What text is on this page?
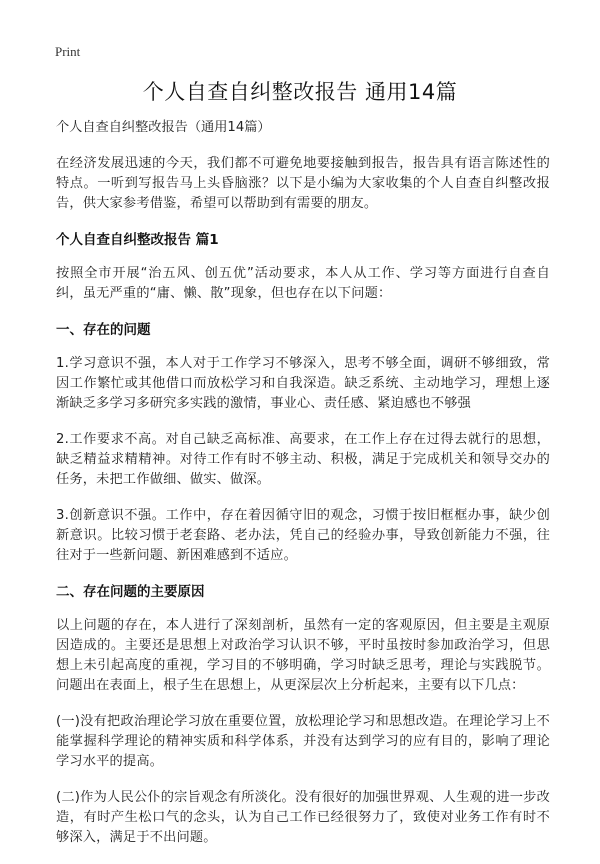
Print
个人自查自纠整改报告 通用14篇

个人自查自纠整改报告（通用14篇）

在经济发展迅速的今天，我们都不可避免地要接触到报告，报告具有语言陈述性的特点。一听到写报告马上头昏脑涨？以下是小编为大家收集的个人自查自纠整改报告，供大家参考借鉴，希望可以帮助到有需要的朋友。

个人自查自纠整改报告 篇1

按照全市开展“治五风、创五优”活动要求，本人从工作、学习等方面进行自查自纠，虽无严重的“庸、懒、散”现象，但也存在以下问题：

一、存在的问题

1.学习意识不强，本人对于工作学习不够深入，思考不够全面，调研不够细致，常因工作繁忙或其他借口而放松学习和自我深造。缺乏系统、主动地学习，理想上逐渐缺乏多学习多研究多实践的激情，事业心、责任感、紧迫感也不够强

2.工作要求不高。对自己缺乏高标准、高要求，在工作上存在过得去就行的思想，缺乏精益求精精神。对待工作有时不够主动、积极，满足于完成机关和领导交办的任务，未把工作做细、做实、做深。

3.创新意识不强。工作中，存在着因循守旧的观念，习惯于按旧框框办事，缺少创新意识。比较习惯于老套路、老办法，凭自己的经验办事，导致创新能力不强，往往对于一些新问题、新困难感到不适应。

二、存在问题的主要原因

以上问题的存在，本人进行了深刻剖析，虽然有一定的客观原因，但主要是主观原因造成的。主要还是思想上对政治学习认识不够，平时虽按时参加政治学习，但思想上未引起高度的重视，学习目的不够明确，学习时缺乏思考，理论与实践脱节。问题出在表面上，根子生在思想上，从更深层次上分析起来，主要有以下几点：

(一)没有把政治理论学习放在重要位置，放松理论学习和思想改造。在理论学习上不能掌握科学理论的精神实质和科学体系，并没有达到学习的应有目的，影响了理论学习水平的提高。

(二)作为人民公仆的宗旨观念有所淡化。没有很好的加强世界观、人生观的进一步改造，有时产生松口气的念头，认为自己工作已经很努力了，致使对业务工作有时不够深入，满足于不出问题。
